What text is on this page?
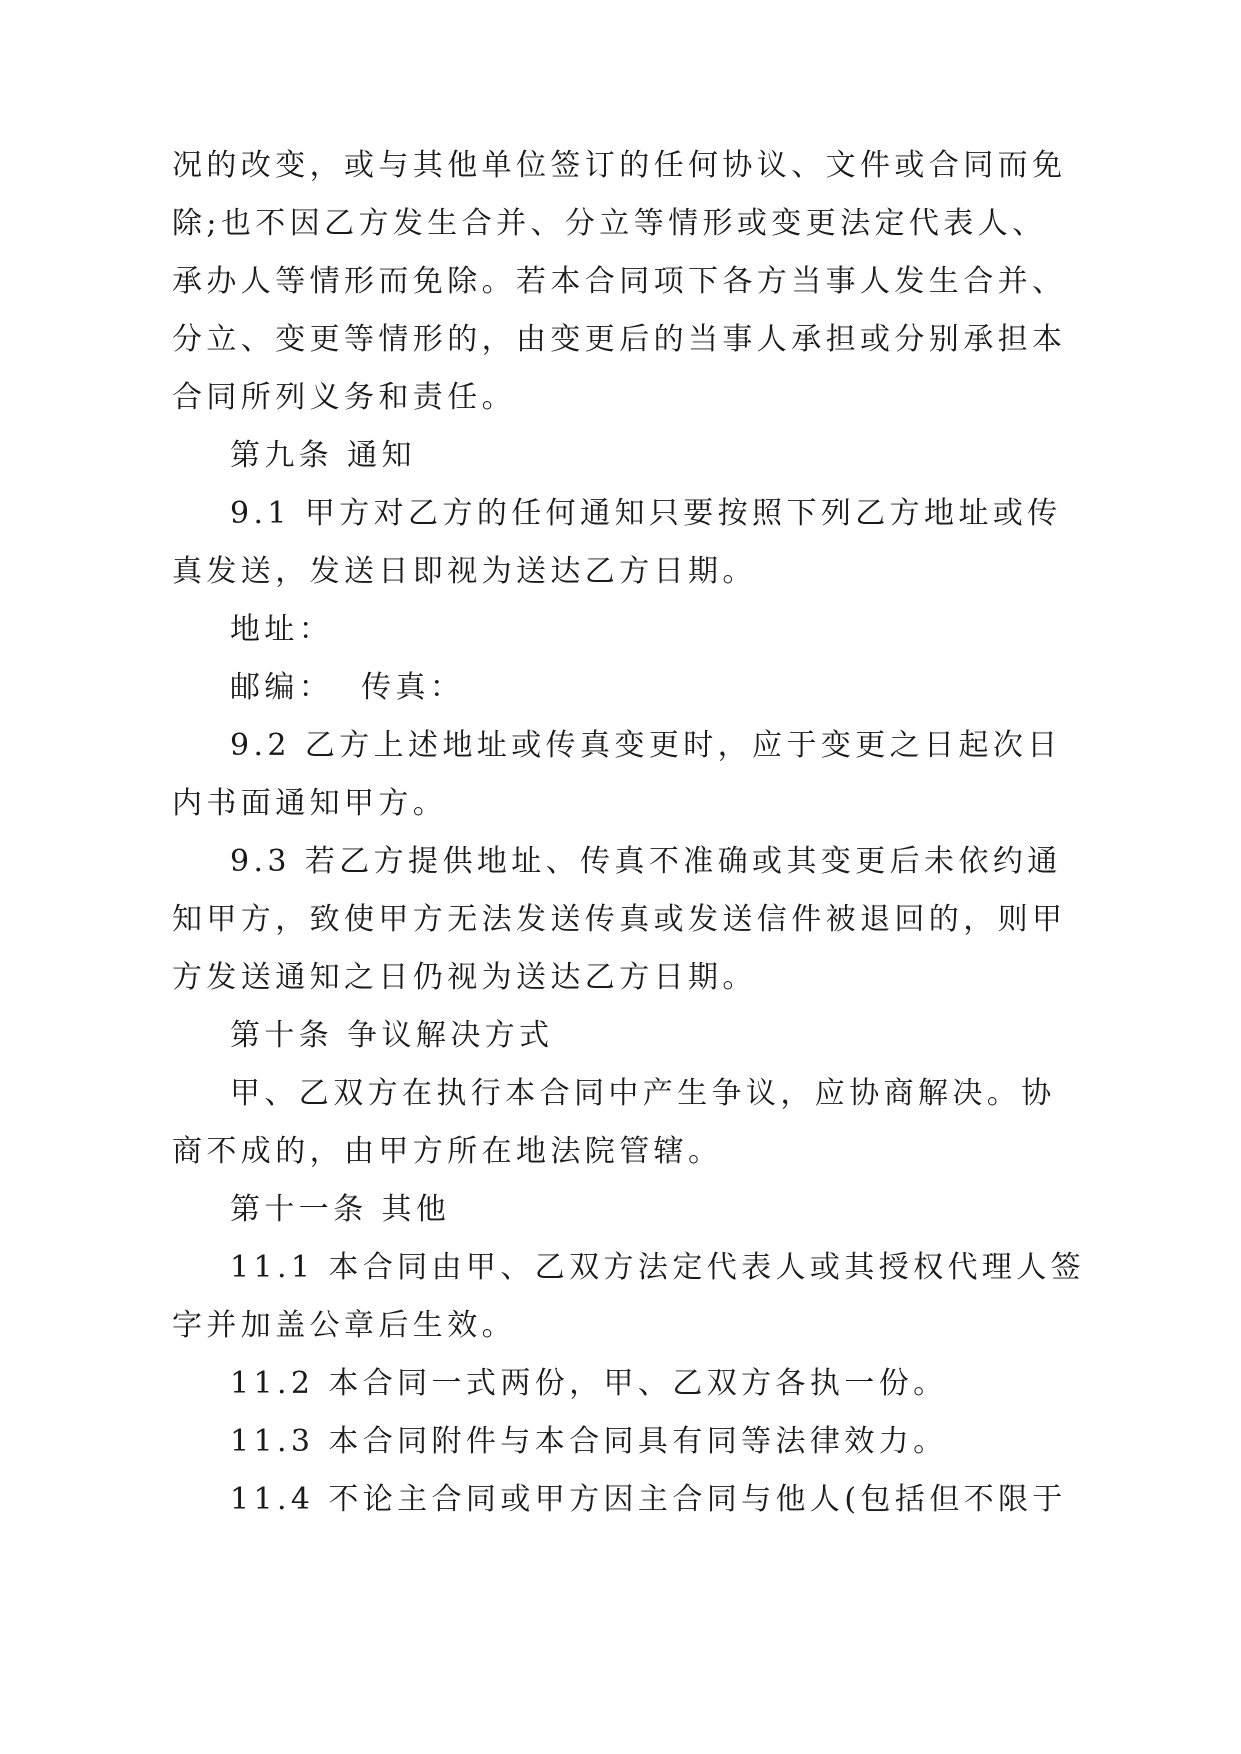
况的改变，或与其他单位签订的任何协议、文件或合同而免
除;也不因乙方发生合并、分立等情形或变更法定代表人、
承办人等情形而免除。若本合同项下各方当事人发生合并、
分立、变更等情形的，由变更后的当事人承担或分别承担本
合同所列义务和责任。
第九条 通知
9.1 甲方对乙方的任何通知只要按照下列乙方地址或传
真发送，发送日即视为送达乙方日期。
地址：
邮编：  传真：
9.2 乙方上述地址或传真变更时，应于变更之日起次日
内书面通知甲方。
9.3 若乙方提供地址、传真不准确或其变更后未依约通
知甲方，致使甲方无法发送传真或发送信件被退回的，则甲
方发送通知之日仍视为送达乙方日期。
第十条 争议解决方式
甲、乙双方在执行本合同中产生争议，应协商解决。协
商不成的，由甲方所在地法院管辖。
第十一条 其他
11.1 本合同由甲、乙双方法定代表人或其授权代理人签
字并加盖公章后生效。
11.2 本合同一式两份，甲、乙双方各执一份。
11.3 本合同附件与本合同具有同等法律效力。
11.4 不论主合同或甲方因主合同与他人(包括但不限于
